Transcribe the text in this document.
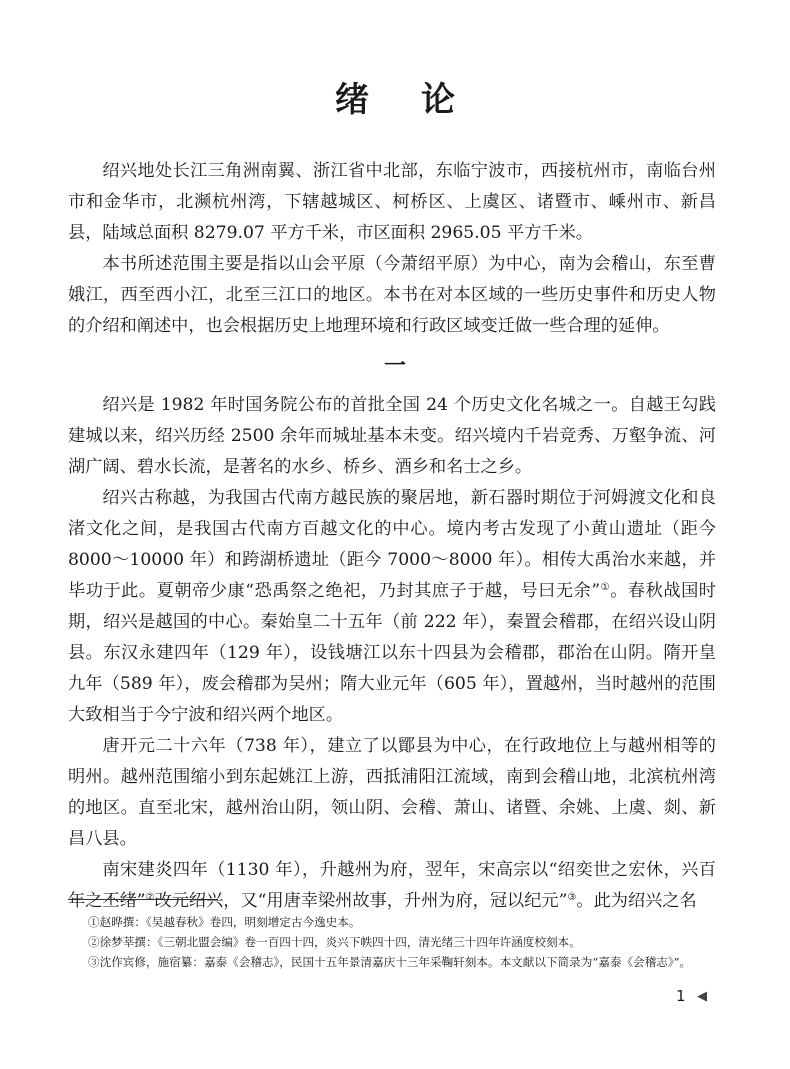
绪论

绍兴地处长江三角洲南翼、浙江省中北部，东临宁波市，西接杭州市，南临台州市和金华市，北濒杭州湾，下辖越城区、柯桥区、上虞区、诸暨市、嵊州市、新昌县，陆域总面积 8279.07 平方千米，市区面积 2965.05 平方千米。

本书所述范围主要是指以山会平原（今萧绍平原）为中心，南为会稽山，东至曹娥江，西至西小江，北至三江口的地区。本书在对本区域的一些历史事件和历史人物的介绍和阐述中，也会根据历史上地理环境和行政区域变迁做一些合理的延伸。

一

绍兴是 1982 年时国务院公布的首批全国 24 个历史文化名城之一。自越王勾践建城以来，绍兴历经 2500 余年而城址基本未变。绍兴境内千岩竞秀、万壑争流、河湖广阔、碧水长流，是著名的水乡、桥乡、酒乡和名士之乡。

绍兴古称越，为我国古代南方越民族的聚居地，新石器时期位于河姆渡文化和良渚文化之间，是我国古代南方百越文化的中心。境内考古发现了小黄山遗址（距今 8000～10000 年）和跨湖桥遗址（距今 7000～8000 年）。相传大禹治水来越，并毕功于此。夏朝帝少康“恐禹祭之绝祀，乃封其庶子于越，号曰无余”①。春秋战国时期，绍兴是越国的中心。秦始皇二十五年（前 222 年），秦置会稽郡，在绍兴设山阴县。东汉永建四年（129 年），设钱塘江以东十四县为会稽郡，郡治在山阴。隋开皇九年（589 年），废会稽郡为吴州；隋大业元年（605 年），置越州，当时越州的范围大致相当于今宁波和绍兴两个地区。

唐开元二十六年（738 年），建立了以鄮县为中心，在行政地位上与越州相等的明州。越州范围缩小到东起姚江上游，西抵浦阳江流域，南到会稽山地，北滨杭州湾的地区。直至北宋，越州治山阴，领山阴、会稽、萧山、诸暨、余姚、上虞、剡、新昌八县。

南宋建炎四年（1130 年），升越州为府，翌年，宋高宗以“绍奕世之宏休，兴百年之丕绪”②改元绍兴，又“用唐幸梁州故事，升州为府，冠以纪元”③。此为绍兴之名

①赵晔撰：《吴越春秋》卷四，明刻增定古今逸史本。
②徐梦莘撰：《三朝北盟会编》卷一百四十四，炎兴下帙四十四，清光绪三十四年许涵度校刻本。
③沈作宾修，施宿纂：嘉泰《会稽志》，民国十五年景清嘉庆十三年采鞠轩刻本。本文献以下简录为“嘉泰《会稽志》”。
1 ◀
